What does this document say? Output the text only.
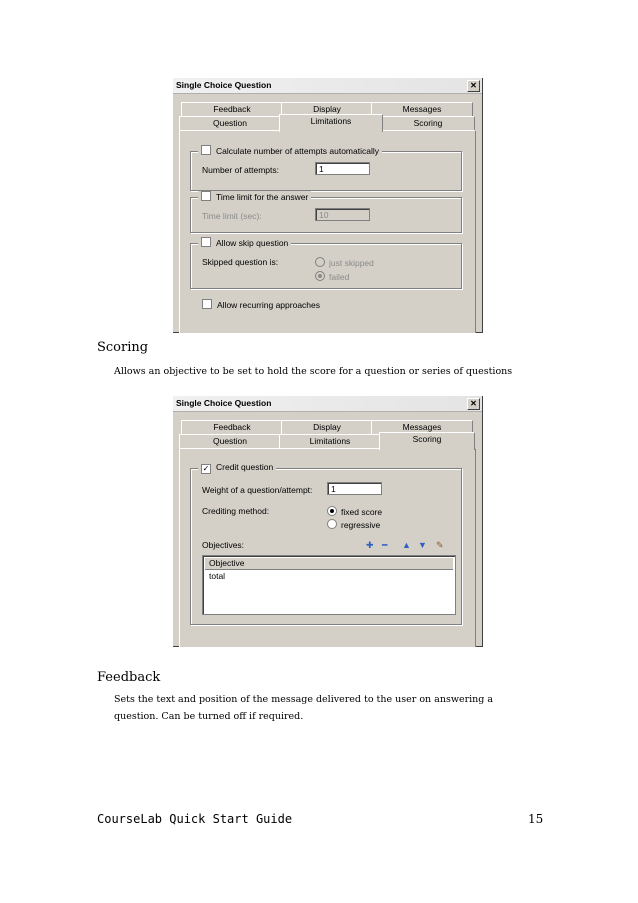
Single Choice Question	✕
Feedback	Display	Messages
Question	Limitations	Scoring
Calculate number of attempts automatically
Number of attempts:	1
Time limit for the answer
Time limit (sec):	10
Allow skip question
Skipped question is:	just skipped
failed
Allow recurring approaches
Scoring
Allows an objective to be set to hold the score for a question or series of questions
Single Choice Question	✕
Feedback	Display	Messages
Question	Limitations	Scoring
✓ Credit question
Weight of a question/attempt:	1
Crediting method:	fixed score
regressive
Objectives:	✚ ━ ▲ ▼ ✎
Objective
total
Feedback
Sets the text and position of the message delivered to the user on answering a
question. Can be turned off if required.
CourseLab Quick Start Guide	15
